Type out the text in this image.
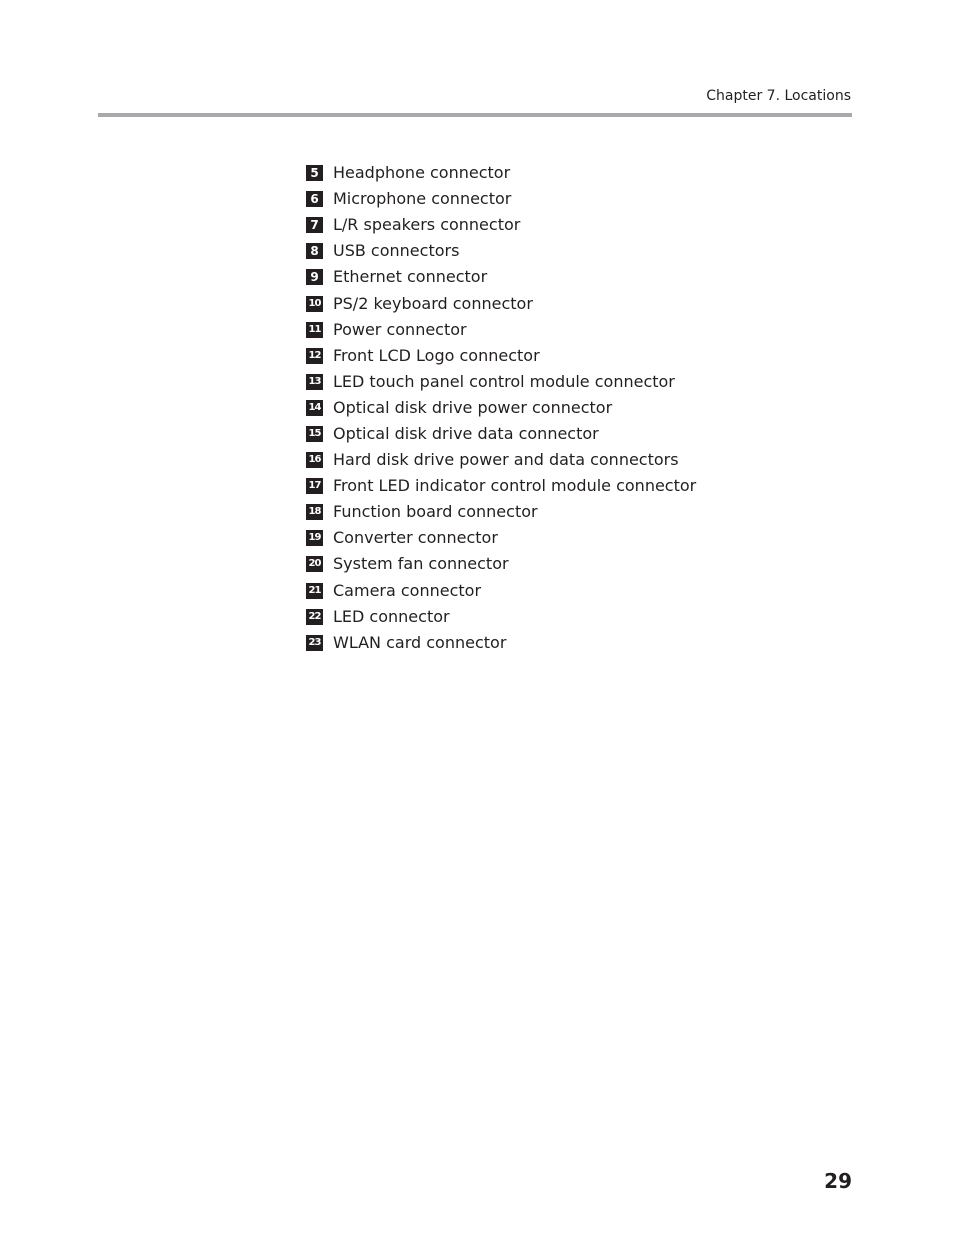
Chapter 7. Locations
5 Headphone connector
6 Microphone connector
7 L/R speakers connector
8 USB connectors
9 Ethernet connector
10 PS/2 keyboard connector
11 Power connector
12 Front LCD Logo connector
13 LED touch panel control module connector
14 Optical disk drive power connector
15 Optical disk drive data connector
16 Hard disk drive power and data connectors
17 Front LED indicator control module connector
18 Function board connector
19 Converter connector
20 System fan connector
21 Camera connector
22 LED connector
23 WLAN card connector
29
